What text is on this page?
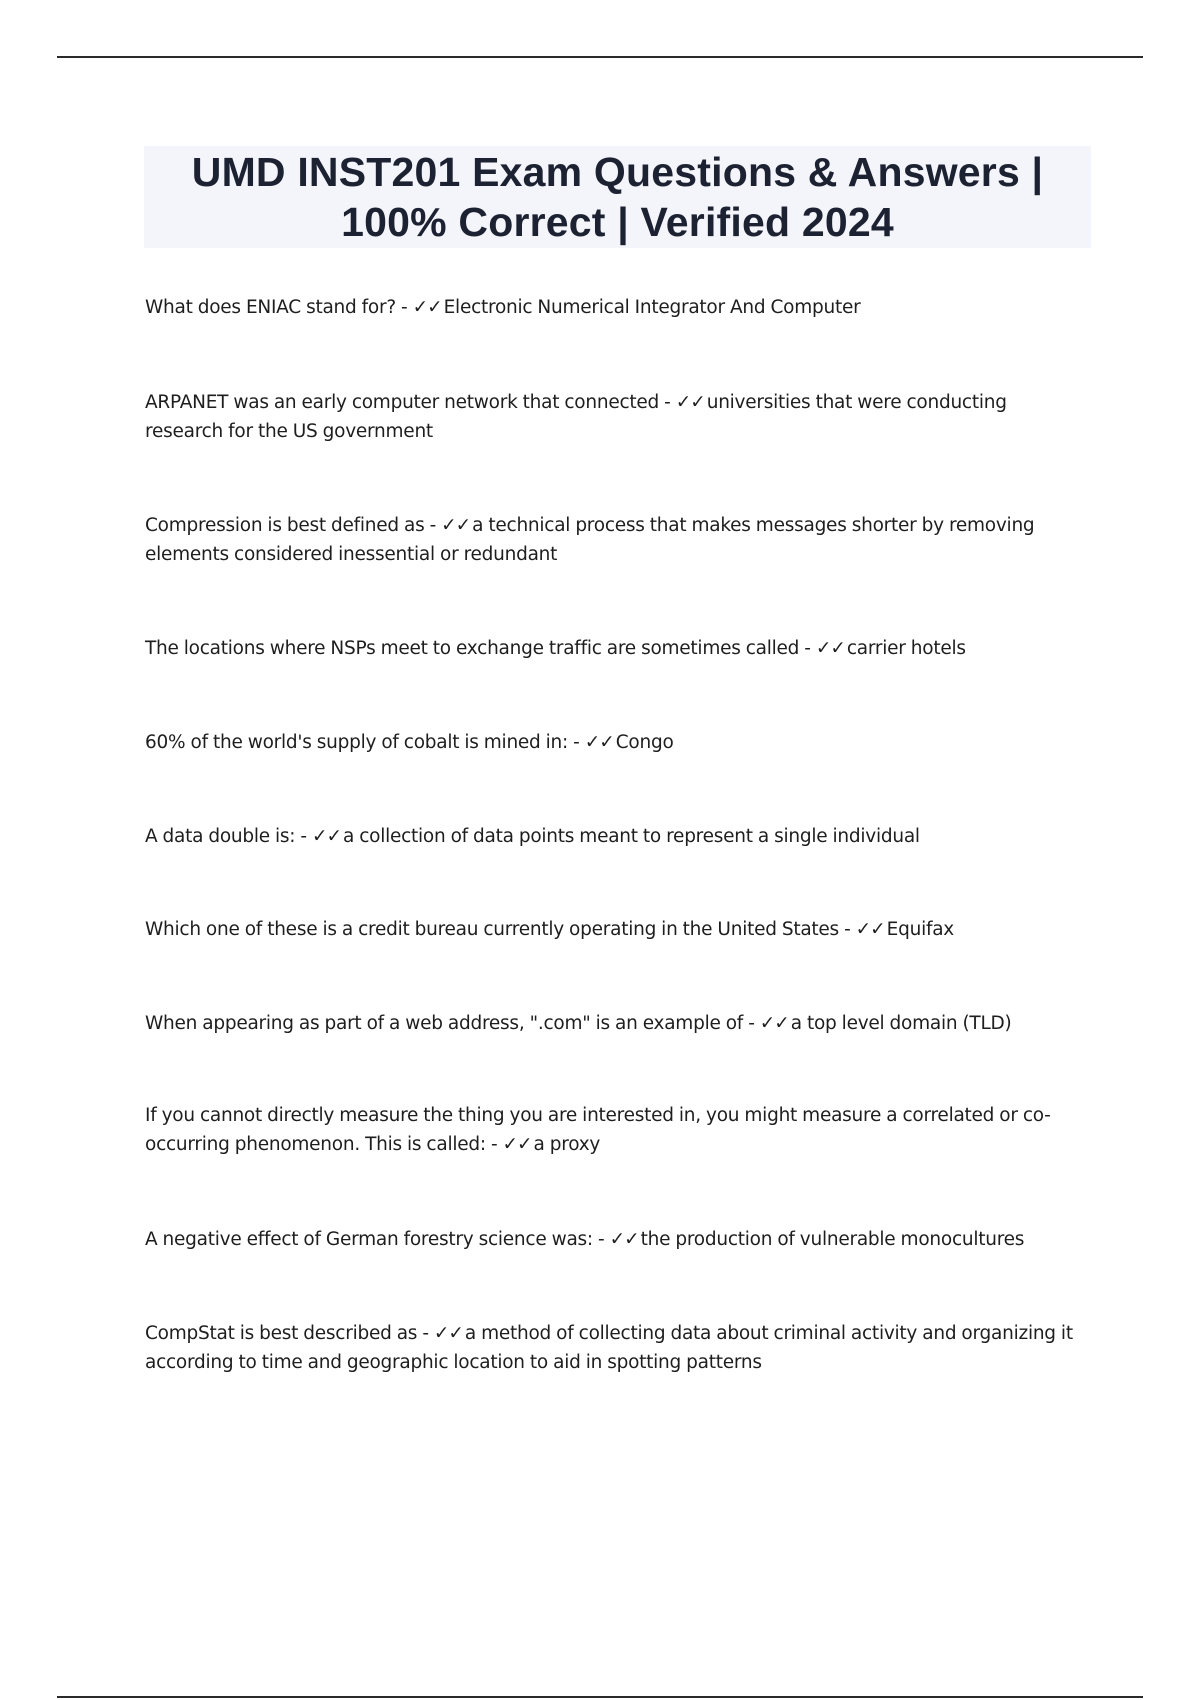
UMD INST201 Exam Questions & Answers | 100% Correct | Verified 2024
What does ENIAC stand for? - ✓✓ Electronic Numerical Integrator And Computer
ARPANET was an early computer network that connected - ✓✓ universities that were conducting research for the US government
Compression is best defined as - ✓✓ a technical process that makes messages shorter by removing elements considered inessential or redundant
The locations where NSPs meet to exchange traffic are sometimes called - ✓✓ carrier hotels
60% of the world's supply of cobalt is mined in: - ✓✓ Congo
A data double is: - ✓✓ a collection of data points meant to represent a single individual
Which one of these is a credit bureau currently operating in the United States - ✓✓ Equifax
When appearing as part of a web address, ".com" is an example of - ✓✓ a top level domain (TLD)
If you cannot directly measure the thing you are interested in, you might measure a correlated or co-occurring phenomenon. This is called: - ✓✓ a proxy
A negative effect of German forestry science was: - ✓✓ the production of vulnerable monocultures
CompStat is best described as - ✓✓ a method of collecting data about criminal activity and organizing it according to time and geographic location to aid in spotting patterns
